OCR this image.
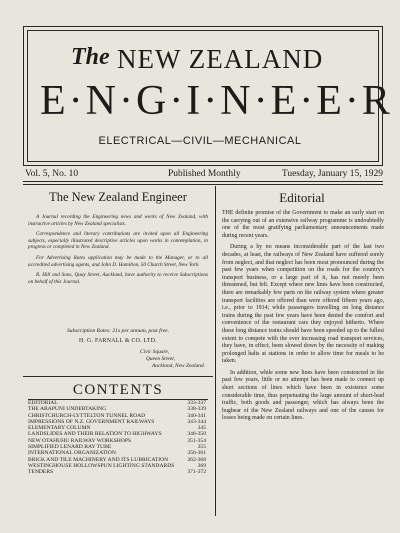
The NEW ZEALAND
E·N·G·I·N·E·E·R
ELECTRICAL—CIVIL—MECHANICAL
Vol. 5, No. 10	Published Monthly	Tuesday, January 15, 1929
The New Zealand Engineer

A Journal recording the Engineering news and works of New Zealand, with instructive articles by New Zealand specialists.

Correspondence and literary contributions are invited upon all Engineering subjects, especially illustrated descriptive articles upon works in contemplation, in progress or completed in New Zealand.

For Advertising Rates application may be made to the Manager, or to all accredited advertising agents, and John D. Hamilton, 50 Church Street, New York.

R. Hill and Sons, Quay Street, Auckland, have authority to receive Subscriptions on behalf of this Journal.

Subscription Rates: 21s per annum, post free.
H. G. FARNALL & CO. LTD.
Civic Square,
Queen Street,
Auckland, New Zealand.
CONTENTS
EDITORIAL	333-337
THE ARAPUNI UNDERTAKING	338-339
CHRISTCHURCH-LYTTELTON TUNNEL ROAD	340-341
IMPRESSIONS OF N.Z. GOVERNMENT RAILWAYS	343-344
ELEMENTARY COLUMN	345
LANDSLIDES AND THEIR RELATION TO HIGHWAYS	346-350
NEW OTAHUHU RAILWAY WORKSHOPS	351-354
SIMPLIFIED LENARD RAY TUBE	355
INTERNATIONAL ORGANIZATION	356-361
BRICK AND TILE MACHINERY AND ITS LUBRICATION	362-368
WESTINGHOUSE HOLLOWSPUN LIGHTING STANDARDS	369
TENDERS	371-372
Editorial

THE definite promise of the Government to make an early start on the carrying out of an extensive railway programme is undoubtedly one of the most gratifying parliamentary announcements made during recent years.

During a by no means inconsiderable part of the last two decades, at least, the railways of New Zealand have suffered sorely from neglect, and that neglect has been most pronounced during the past few years when competition on the roads for the country's transport business, or a large part of it, has not merely been threatened, but felt. Except where new lines have been constructed, there are remarkably few parts on the railway system where greater transport facilities are offered than were offered fifteen years ago, i.e., prior to 1914; while passengers travelling on long distance trains during the past few years have been denied the comfort and convenience of the restaurant cars they enjoyed hitherto. Where these long distance trains should have been speeded up to the fullest extent to compete with the ever increasing road transport services, they have, in effect, been slowed down by the necessity of making prolonged halts at stations in order to allow time for meals to be taken.

In addition, while some new lines have been constructed in the past few years, little or no attempt has been made to connect up short sections of lines which have been in existence some considerable time, thus perpetuating the large amount of short-lead traffic, both goods and passenger, which has always been the bugbear of the New Zealand railways and one of the causes for losses being made on certain lines.
